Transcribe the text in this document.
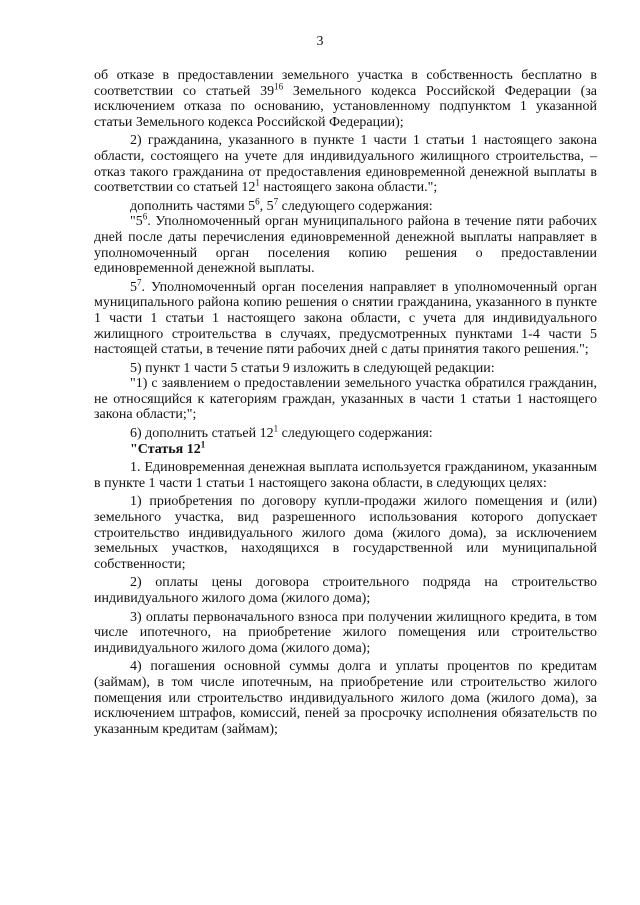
3

об отказе в предоставлении земельного участка в собственность бесплатно в соответствии со статьей $39^{16}$ Земельного кодекса Российской Федерации (за исключением отказа по основанию, установленному подпунктом 1 указанной статьи Земельного кодекса Российской Федерации);

2) гражданина, указанного в пункте 1 части 1 статьи 1 настоящего закона области, состоящего на учете для индивидуального жилищного строительства, – отказ такого гражданина от предоставления единовременной денежной выплаты в соответствии со статьей $12^1$ настоящего закона области.";

дополнить частями $5^6$, $5^7$ следующего содержания:

"$5^6$. Уполномоченный орган муниципального района в течение пяти рабочих дней после даты перечисления единовременной денежной выплаты направляет в уполномоченный орган поселения копию решения о предоставлении единовременной денежной выплаты.

$5^7$. Уполномоченный орган поселения направляет в уполномоченный орган муниципального района копию решения о снятии гражданина, указанного в пункте 1 части 1 статьи 1 настоящего закона области, с учета для индивидуального жилищного строительства в случаях, предусмотренных пунктами 1-4 части 5 настоящей статьи, в течение пяти рабочих дней с даты принятия такого решения.";

5) пункт 1 части 5 статьи 9 изложить в следующей редакции:

"1) с заявлением о предоставлении земельного участка обратился гражданин, не относящийся к категориям граждан, указанных в части 1 статьи 1 настоящего закона области;";

6) дополнить статьей $12^1$ следующего содержания:

"Статья $12^1$

1. Единовременная денежная выплата используется гражданином, указанным в пункте 1 части 1 статьи 1 настоящего закона области, в следующих целях:

1) приобретения по договору купли-продажи жилого помещения и (или) земельного участка, вид разрешенного использования которого допускает строительство индивидуального жилого дома (жилого дома), за исключением земельных участков, находящихся в государственной или муниципальной собственности;

2) оплаты цены договора строительного подряда на строительство индивидуального жилого дома (жилого дома);

3) оплаты первоначального взноса при получении жилищного кредита, в том числе ипотечного, на приобретение жилого помещения или строительство индивидуального жилого дома (жилого дома);

4) погашения основной суммы долга и уплаты процентов по кредитам (займам), в том числе ипотечным, на приобретение или строительство жилого помещения или строительство индивидуального жилого дома (жилого дома), за исключением штрафов, комиссий, пеней за просрочку исполнения обязательств по указанным кредитам (займам);
